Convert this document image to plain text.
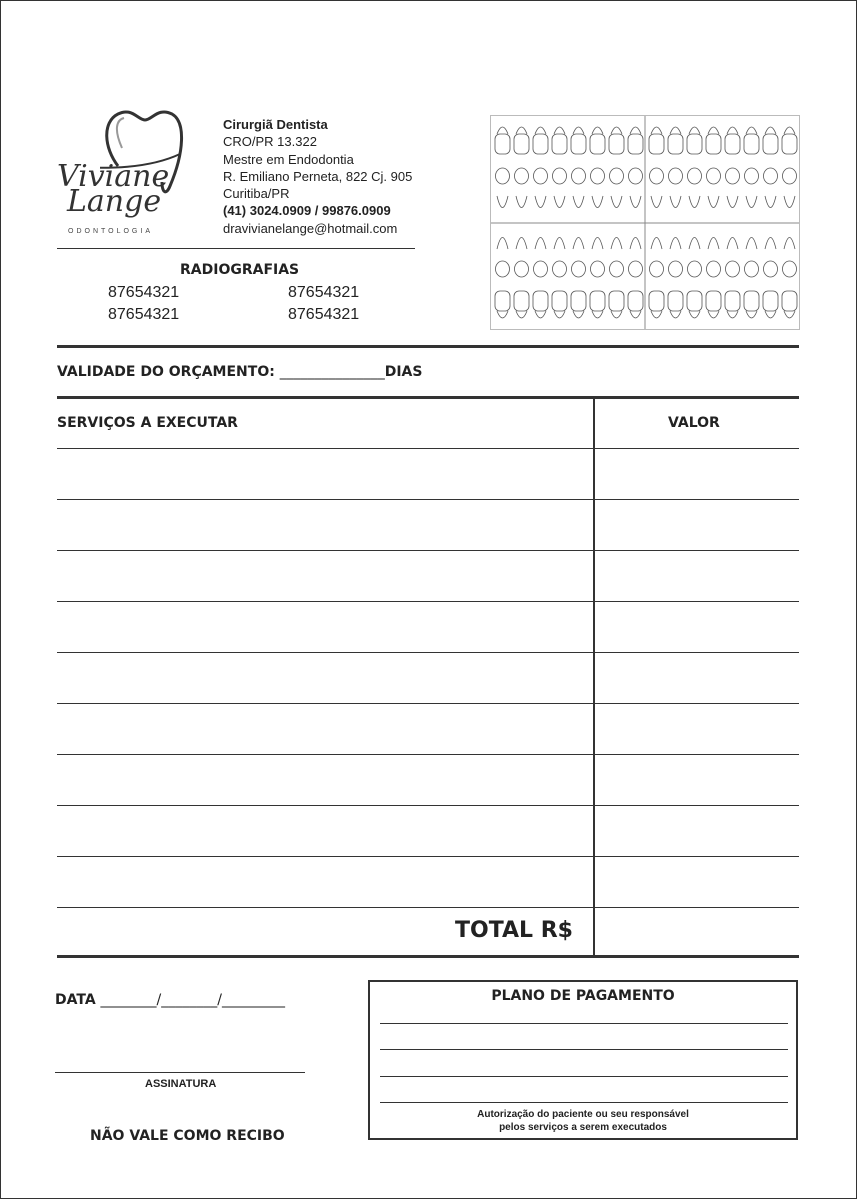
Viviane
Lange
ODONTOLOGIA
Cirurgiã Dentista
CRO/PR 13.322
Mestre em Endodontia
R. Emiliano Perneta, 822 Cj. 905
Curitiba/PR
(41) 3024.0909 / 99876.0909
dravivianelange@hotmail.com
RADIOGRAFIAS
87654321	87654321
87654321	87654321
VALIDADE DO ORÇAMENTO: _______________DIAS
SERVIÇOS A EXECUTAR	VALOR
TOTAL R$
DATA ________/________/_________
ASSINATURA
NÃO VALE COMO RECIBO
PLANO DE PAGAMENTO
Autorização do paciente ou seu responsável
pelos serviços a serem executados
